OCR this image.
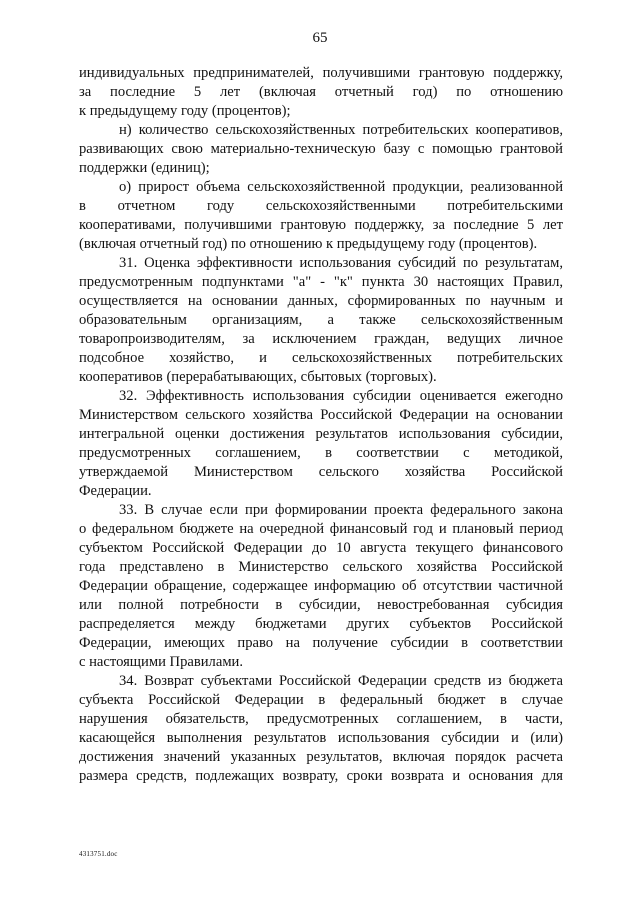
65
индивидуальных предпринимателей, получившими грантовую поддержку,
за последние 5 лет (включая отчетный год) по отношению
к предыдущему году (процентов);
н) количество сельскохозяйственных потребительских кооперативов,
развивающих свою материально-техническую базу с помощью грантовой
поддержки (единиц);
о) прирост объема сельскохозяйственной продукции, реализованной
в отчетном году сельскохозяйственными потребительскими
кооперативами, получившими грантовую поддержку, за последние 5 лет
(включая отчетный год) по отношению к предыдущему году (процентов).
31. Оценка эффективности использования субсидий по результатам,
предусмотренным подпунктами "а" - "к" пункта 30 настоящих Правил,
осуществляется на основании данных, сформированных по научным и
образовательным организациям, а также сельскохозяйственным
товаропроизводителям, за исключением граждан, ведущих личное
подсобное хозяйство, и сельскохозяйственных потребительских
кооперативов (перерабатывающих, сбытовых (торговых).
32. Эффективность использования субсидии оценивается ежегодно
Министерством сельского хозяйства Российской Федерации на основании
интегральной оценки достижения результатов использования субсидии,
предусмотренных соглашением, в соответствии с методикой,
утверждаемой Министерством сельского хозяйства Российской
Федерации.
33. В случае если при формировании проекта федерального закона
о федеральном бюджете на очередной финансовый год и плановый период
субъектом Российской Федерации до 10 августа текущего финансового
года представлено в Министерство сельского хозяйства Российской
Федерации обращение, содержащее информацию об отсутствии частичной
или полной потребности в субсидии, невостребованная субсидия
распределяется между бюджетами других субъектов Российской
Федерации, имеющих право на получение субсидии в соответствии
с настоящими Правилами.
34. Возврат субъектами Российской Федерации средств из бюджета
субъекта Российской Федерации в федеральный бюджет в случае
нарушения обязательств, предусмотренных соглашением, в части,
касающейся выполнения результатов использования субсидии и (или)
достижения значений указанных результатов, включая порядок расчета
размера средств, подлежащих возврату, сроки возврата и основания для
4313751.doc
